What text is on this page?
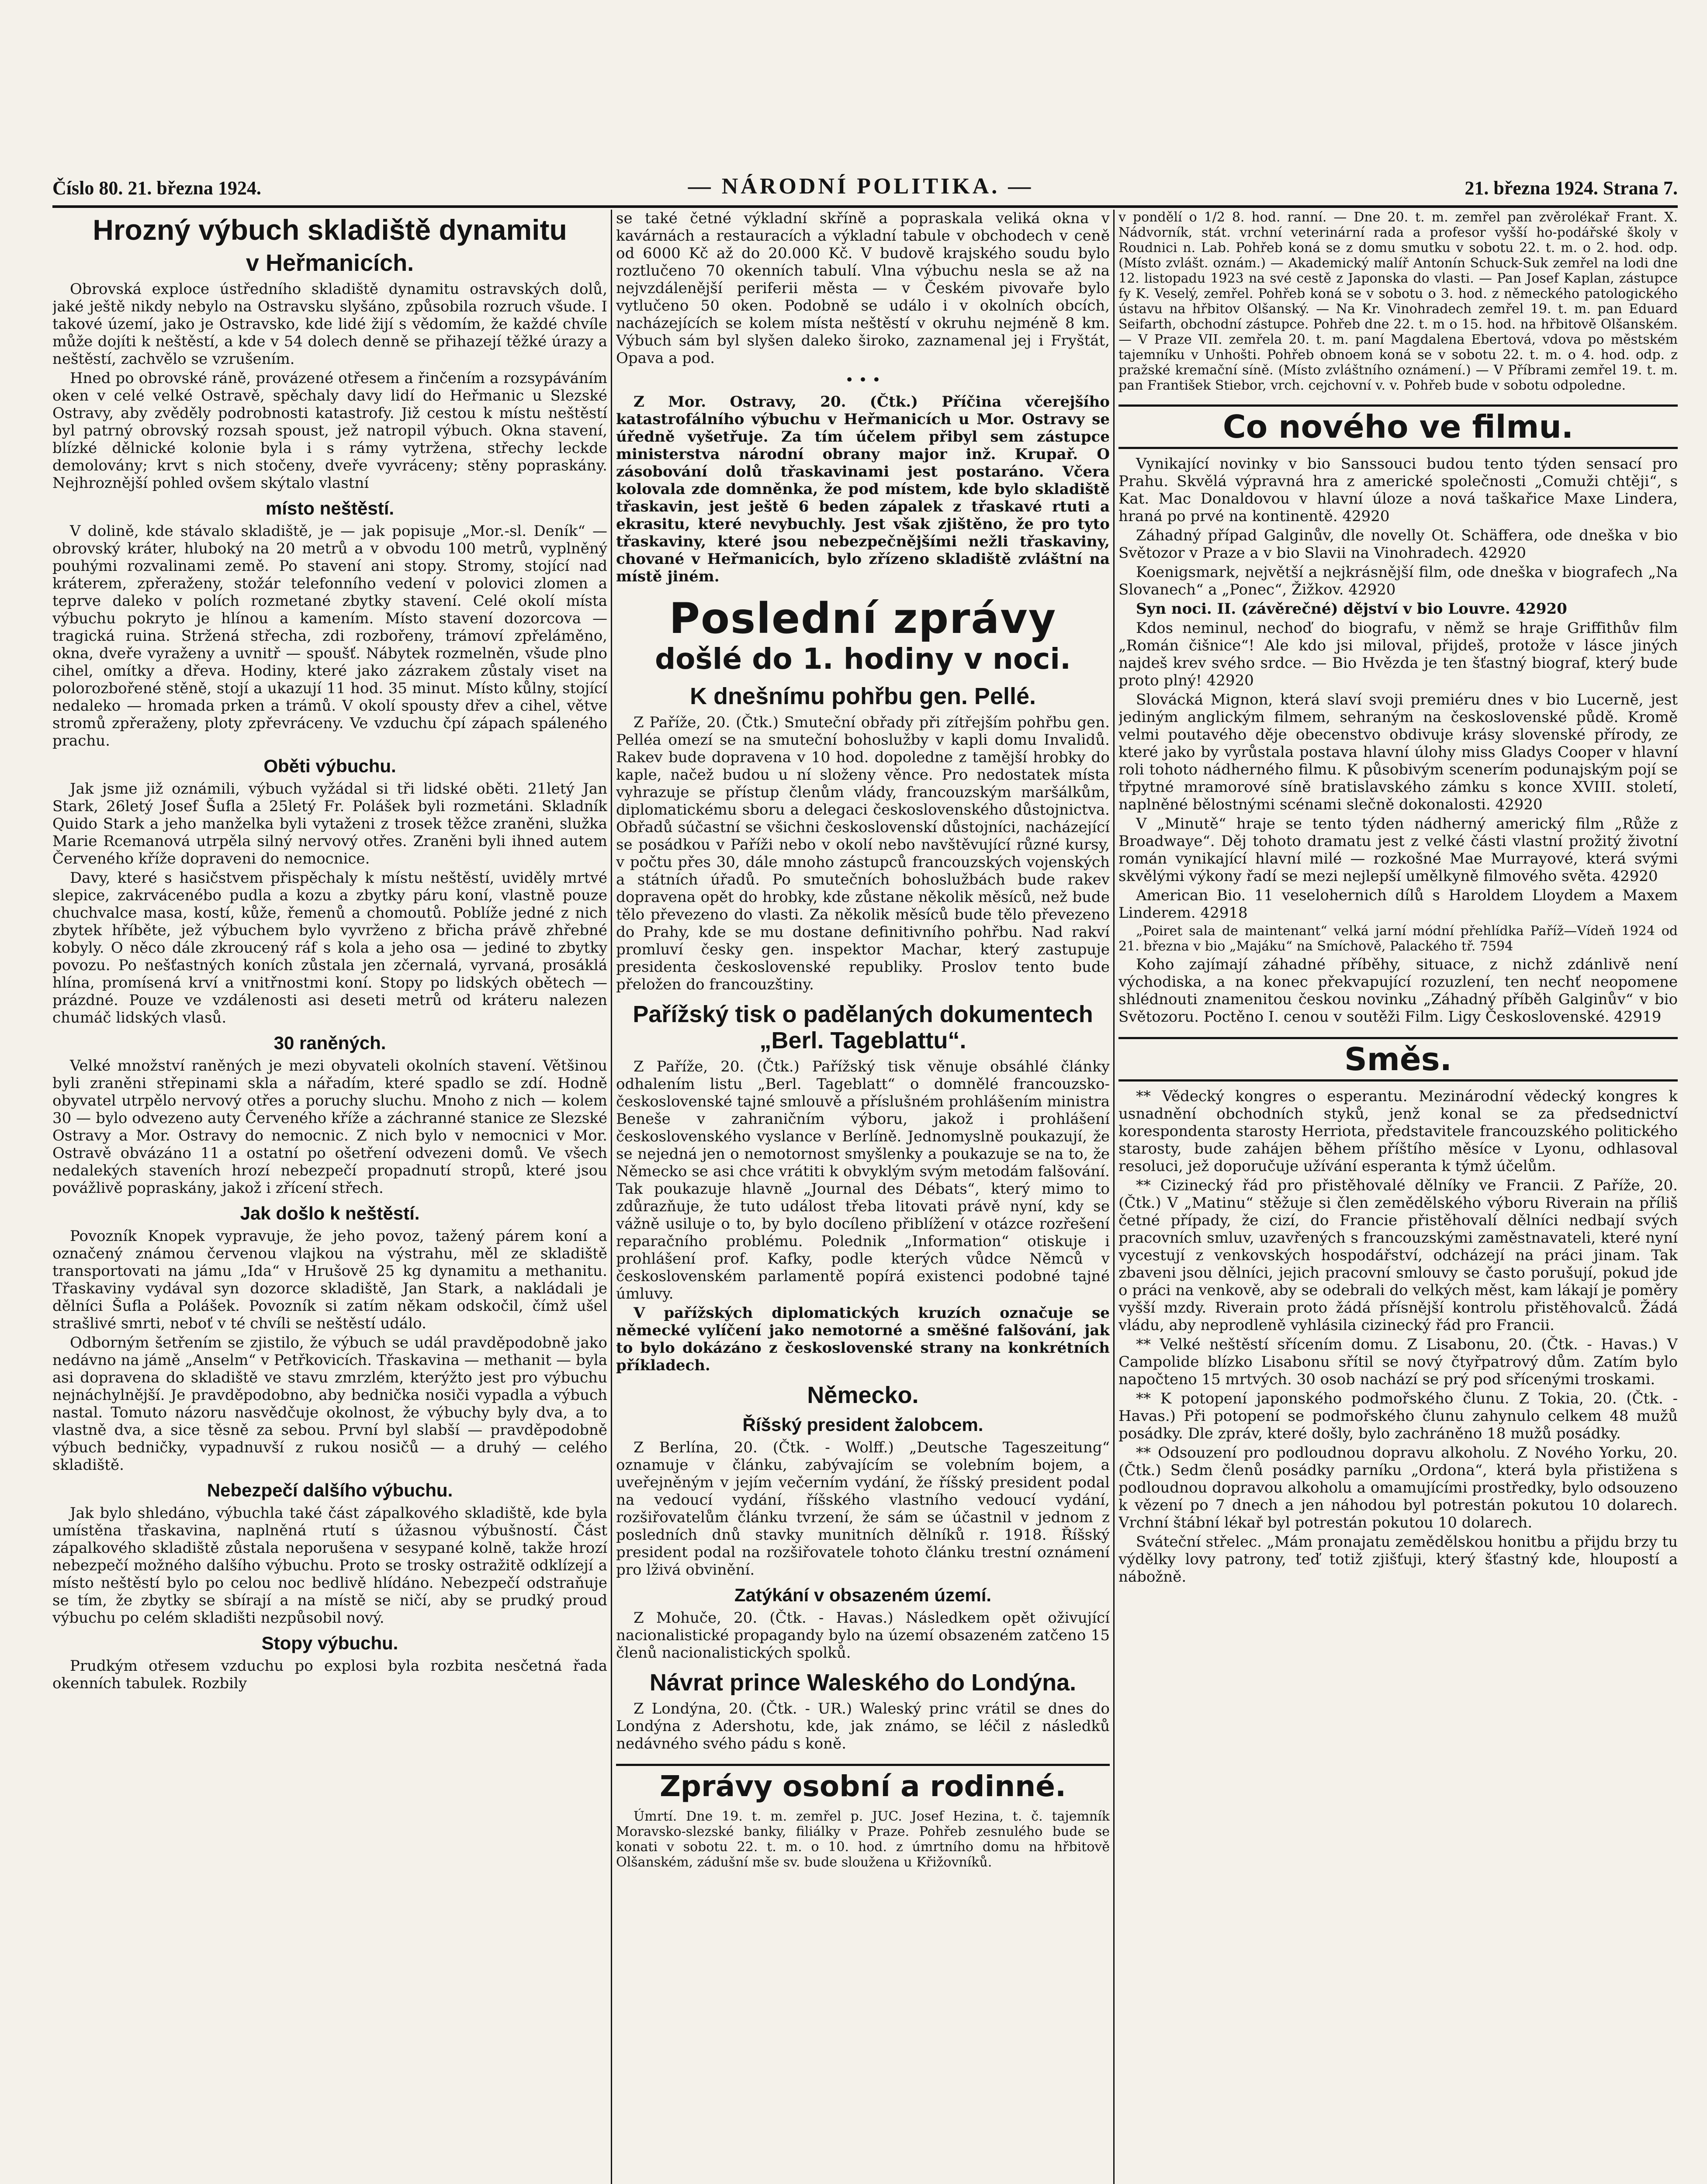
Číslo 80. 21. března 1924.	— NÁRODNÍ POLITIKA. —	21. března 1924. Strana 7.
Hrozný výbuch skladiště dynamitu
v Heřmanicích.

Obrovská exploce ústředního skladiště dynamitu ostravských dolů, jaké ještě nikdy nebylo na Ostravsku slyšáno, způsobila rozruch všude. I takové území, jako je Ostravsko, kde lidé žijí s vědomím, že každé chvíle může dojíti k neštěstí, a kde v 54 dolech denně se přihazejí těžké úrazy a neštěstí, zachvělo se vzrušením.

Hned po obrovské ráně, provázené otřesem a řinčením a rozsypáváním oken v celé velké Ostravě, spěchaly davy lidí do Heřmanic u Slezské Ostravy, aby zvěděly podrobnosti katastrofy. Již cestou k místu neštěstí byl patrný obrovský rozsah spoust, jež natropil výbuch. Okna stavení, blízké dělnické kolonie byla i s rámy vytržena, střechy leckde demolovány; krvt s nich stočeny, dveře vyvráceny; stěny popraskány. Nejhroznější pohled ovšem skýtalo vlastní

místo neštěstí.

V dolině, kde stávalo skladiště, je — jak popisuje „Mor.-sl. Deník“ — obrovský kráter, hluboký na 20 metrů a v obvodu 100 metrů, vyplněný pouhými rozvalinami země. Po stavení ani stopy. Stromy, stojící nad kráterem, zpřeraženy, stožár telefonního vedení v polovici zlomen a teprve daleko v polích rozmetané zbytky stavení. Celé okolí místa výbuchu pokryto je hlínou a kamením. Místo stavení dozorcova — tragická ruina. Stržená střecha, zdi rozbořeny, trámoví zpřeláměno, okna, dveře vyraženy a uvnitř — spoušť. Nábytek rozmelněn, všude plno cihel, omítky a dřeva. Hodiny, které jako zázrakem zůstaly viset na polorozbořené stěně, stojí a ukazují 11 hod. 35 minut. Místo kůlny, stojící nedaleko — hromada prken a trámů. V okolí spousty dřev a cihel, větve stromů zpřeraženy, ploty zpřevráceny. Ve vzduchu čpí zápach spáleného prachu.

Oběti výbuchu.

Jak jsme již oznámili, výbuch vyžádal si tři lidské oběti. 21letý Jan Stark, 26letý Josef Šufla a 25letý Fr. Polášek byli rozmetáni. Skladník Quido Stark a jeho manželka byli vytaženi z trosek těžce zraněni, služka Marie Rcemanová utrpěla silný nervový otřes. Zraněni byli ihned autem Červeného kříže dopraveni do nemocnice.

Davy, které s hasičstvem přispěchaly k místu neštěstí, uviděly mrtvé slepice, zakrvácenébo pudla a kozu a zbytky páru koní, vlastně pouze chuchvalce masa, kostí, kůže, řemenů a chomoutů. Poblíže jedné z nich zbytek hříběte, jež výbuchem bylo vyvrženo z břicha právě zhřebné kobyly. O něco dále zkroucený ráf s kola a jeho osa — jediné to zbytky povozu. Po nešťastných koních zůstala jen zčernalá, vyrvaná, prosáklá hlína, promísená krví a vnitřnostmi koní. Stopy po lidských obětech — prázdné. Pouze ve vzdálenosti asi deseti metrů od kráteru nalezen chumáč lidských vlasů.

30 raněných.

Velké množství raněných je mezi obyvateli okolních stavení. Většinou byli zraněni střepinami skla a nářadím, které spadlo se zdí. Hodně obyvatel utrpělo nervový otřes a poruchy sluchu. Mnoho z nich — kolem 30 — bylo odvezeno auty Červeného kříže a záchranné stanice ze Slezské Ostravy a Mor. Ostravy do nemocnic. Z nich bylo v nemocnici v Mor. Ostravě obvázáno 11 a ostatní po ošetření odvezeni domů. Ve všech nedalekých staveních hrozí nebezpečí propadnutí stropů, které jsou povážlivě popraskány, jakož i zřícení střech.

Jak došlo k neštěstí.

Povozník Knopek vypravuje, že jeho povoz, tažený párem koní a označený známou červenou vlajkou na výstrahu, měl ze skladiště transportovati na jámu „Ida“ v Hrušově 25 kg dynamitu a methanitu. Třaskaviny vydával syn dozorce skladiště, Jan Stark, a nakládali je dělníci Šufla a Polášek. Povozník si zatím někam odskočil, čímž ušel strašlivé smrti, neboť v té chvíli se neštěstí událo.

Odborným šetřením se zjistilo, že výbuch se udál pravděpodobně jako nedávno na jámě „Anselm“ v Petřkovicích. Třaskavina — methanit — byla asi dopravena do skladiště ve stavu zmrzlém, kterýžto jest pro výbuchu nejnáchylnější. Je pravděpodobno, aby bednička nosiči vypadla a výbuch nastal. Tomuto názoru nasvědčuje okolnost, že výbuchy byly dva, a to vlastně dva, a sice těsně za sebou. První byl slabší — pravděpodobně výbuch bedničky, vypadnuvší z rukou nosičů — a druhý — celého skladiště.

Nebezpečí dalšího výbuchu.

Jak bylo shledáno, výbuchla také část zápalkového skladiště, kde byla umístěna třaskavina, naplněná rtutí s úžasnou výbušností. Část zápalkového skladiště zůstala neporušena v sesypané kolně, takže hrozí nebezpečí možného dalšího výbuchu. Proto se trosky ostražitě odklízejí a místo neštěstí bylo po celou noc bedlivě hlídáno. Nebezpečí odstraňuje se tím, že zbytky se sbírají a na místě se ničí, aby se prudký proud výbuchu po celém skladišti nezpůsobil nový.

Stopy výbuchu.

Prudkým otřesem vzduchu po explosi byla rozbita nesčetná řada okenních tabulek. Rozbily

se také četné výkladní skříně a popraskala veliká okna v kavárnách a restauracích a výkladní tabule v obchodech v ceně od 6000 Kč až do 20.000 Kč. V budově krajského soudu bylo roztlučeno 70 okenních tabulí. Vlna výbuchu nesla se až na nejvzdálenější periferii města — v Českém pivovaře bylo vytlučeno 50 oken. Podobně se událo i v okolních obcích, nacházejících se kolem místa neštěstí v okruhu nejméně 8 km. Výbuch sám byl slyšen daleko široko, zaznamenal jej i Fryštát, Opava a pod.

• • •

Z Mor. Ostravy, 20. (Čtk.) Příčina včerejšího katastrofálního výbuchu v Heřmanicích u Mor. Ostravy se úředně vyšetřuje. Za tím účelem přibyl sem zástupce ministerstva národní obrany major inž. Krupař. O zásobování dolů třaskavinami jest postaráno. Včera kolovala zde domněnka, že pod místem, kde bylo skladiště třaskavin, jest ještě 6 beden zápalek z třaskavé rtuti a ekrasitu, které nevybuchly. Jest však zjištěno, že pro tyto třaskaviny, které jsou nebezpečnějšími nežli třaskaviny, chované v Heřmanicích, bylo zřízeno skladiště zvláštní na místě jiném.

Poslední zprávy
došlé do 1. hodiny v noci.
K dnešnímu pohřbu gen. Pellé.

Z Paříže, 20. (Čtk.) Smuteční obřady při zítřejším pohřbu gen. Pelléa omezí se na smuteční bohoslužby v kapli domu Invalidů. Rakev bude dopravena v 10 hod. dopoledne z tamější hrobky do kaple, načež budou u ní složeny věnce. Pro nedostatek místa vyhrazuje se přístup členům vlády, francouzským maršálkům, diplomatickému sboru a delegaci československého důstojnictva. Obřadů súčastní se všichni československí důstojníci, nacházející se posádkou v Paříži nebo v okolí nebo navštěvující různé kursy, v počtu přes 30, dále mnoho zástupců francouzských vojenských a státních úřadů. Po smutečních bohoslužbách bude rakev dopravena opět do hrobky, kde zůstane několik měsíců, než bude tělo převezeno do vlasti. Za několik měsíců bude tělo převezeno do Prahy, kde se mu dostane definitivního pohřbu. Nad rakví promluví česky gen. inspektor Machar, který zastupuje presidenta československé republiky. Proslov tento bude přeložen do francouzštiny.

Pařížský tisk o padělaných dokumentech „Berl. Tageblattu“.

Z Paříže, 20. (Čtk.) Pařížský tisk věnuje obsáhlé články odhalením listu „Berl. Tageblatt“ o domnělé francouzsko-československé tajné smlouvě a příslušném prohlášením ministra Beneše v zahraničním výboru, jakož i prohlášení československého vyslance v Berlíně. Jednomyslně poukazují, že se nejedná jen o nemotornost smyšlenky a poukazuje se na to, že Německo se asi chce vrátiti k obvyklým svým metodám falšování. Tak poukazuje hlavně „Journal des Débats“, který mimo to zdůrazňuje, že tuto událost třeba litovati právě nyní, kdy se vážně usiluje o to, by bylo docíleno přiblížení v otázce rozřešení reparačního problému. Polednik „Information“ otiskuje i prohlášení prof. Kafky, podle kterých vůdce Němců v československém parlamentě popírá existenci podobné tajné úmluvy.

V pařížských diplomatických kruzích označuje se německé vylíčení jako nemotorné a směšné falšování, jak to bylo dokázáno z československé strany na konkrétních příkladech.

Německo.
Říšský president žalobcem.

Z Berlína, 20. (Čtk. - Wolff.) „Deutsche Tageszeitung“ oznamuje v článku, zabývajícím se volebním bojem, a uveřejněným v jejím večerním vydání, že říšský president podal na vedoucí vydání, říšského vlastního vedoucí vydání, rozšiřovatelům článku tvrzení, že sám se účastnil v jednom z posledních dnů stavky munitních dělníků r. 1918. Říšský president podal na rozšiřovatele tohoto článku trestní oznámení pro lživá obvinění.

Zatýkání v obsazeném území.

Z Mohuče, 20. (Čtk. - Havas.) Následkem opět oživující nacionalistické propagandy bylo na území obsazeném zatčeno 15 členů nacionalistických spolků.

Návrat prince Waleského do Londýna.

Z Londýna, 20. (Čtk. - UR.) Waleský princ vrátil se dnes do Londýna z Adershotu, kde, jak známo, se léčil z následků nedávného svého pádu s koně.

Zprávy osobní a rodinné.

Úmrtí. Dne 19. t. m. zemřel p. JUC. Josef Hezina, t. č. tajemník Moravsko-slezské banky, filiálky v Praze. Pohřeb zesnulého bude se konati v sobotu 22. t. m. o 10. hod. z úmrtního domu na hřbitově Olšanském, zádušní mše sv. bude sloužena u Křižovníků.

v pondělí o 1/2 8. hod. ranní. — Dne 20. t. m. zemřel pan zvěrolékař Frant. X. Nádvorník, stát. vrchní veterinární rada a profesor vyšší ho-podářské školy v Roudnici n. Lab. Pohřeb koná se z domu smutku v sobotu 22. t. m. o 2. hod. odp. (Místo zvlášt. oznám.) — Akademický malíř Antonín Schuck-Suk zemřel na lodi dne 12. listopadu 1923 na své cestě z Japonska do vlasti. — Pan Josef Kaplan, zástupce fy K. Veselý, zemřel. Pohřeb koná se v sobotu o 3. hod. z německého patologického ústavu na hřbitov Olšanský. — Na Kr. Vinohradech zemřel 19. t. m. pan Eduard Seifarth, obchodní zástupce. Pohřeb dne 22. t. m o 15. hod. na hřbitově Olšanském. — V Praze VII. zemřela 20. t. m. paní Magdalena Ebertová, vdova po městském tajemníku v Unhošti. Pohřeb obnoem koná se v sobotu 22. t. m. o 4. hod. odp. z pražské kremační síně. (Místo zvláštního oznámení.) — V Příbrami zemřel 19. t. m. pan František Stiebor, vrch. cejchovní v. v. Pohřeb bude v sobotu odpoledne.

Co nového ve filmu.

Vynikající novinky v bio Sanssouci budou tento týden sensací pro Prahu. Skvělá výpravná hra z americké společnosti „Comuži chtěji“, s Kat. Mac Donaldovou v hlavní úloze a nová taškařice Maxe Lindera, hraná po prvé na kontinentě. 42920

Záhadný případ Galginův, dle novelly Ot. Schäffera, ode dneška v bio Světozor v Praze a v bio Slavii na Vinohradech. 42920

Koenigsmark, největší a nejkrásnější film, ode dneška v biografech „Na Slovanech“ a „Ponec“, Žižkov. 42920

Syn noci. II. (závěrečné) dějství v bio Louvre. 42920

Kdos neminul, nechoď do biografu, v němž se hraje Griffithův film „Román čišnice“! Ale kdo jsi miloval, přijdeš, protože v lásce jiných najdeš krev svého srdce. — Bio Hvězda je ten šťastný biograf, který bude proto plný! 42920

Slovácká Mignon, která slaví svoji premiéru dnes v bio Lucerně, jest jediným anglickým filmem, sehraným na československé půdě. Kromě velmi poutavého děje obecenstvo obdivuje krásy slovenské přírody, ze které jako by vyrůstala postava hlavní úlohy miss Gladys Cooper v hlavní roli tohoto nádherného filmu. K působivým scenerím podunajským pojí se třpytné mramorové síně bratislavského zámku s konce XVIII. století, naplněné bělostnými scénami slečně dokonalosti. 42920

V „Minutě“ hraje se tento týden nádherný americký film „Růže z Broadwaye“. Děj tohoto dramatu jest z velké části vlastní prožitý životní román vynikající hlavní milé — rozkošné Mae Murrayové, která svými skvělými výkony řadí se mezi nejlepší umělkyně filmového světa. 42920

American Bio. 11 veselohernich dílů s Haroldem Lloydem a Maxem Linderem. 42918

„Poiret sala de maintenant“ velká jarní módní přehlídka Paříž—Vídeň 1924 od 21. března v bio „Majáku“ na Smíchově, Palackého tř. 7594

Koho zajímají záhadné příběhy, situace, z nichž zdánlivě není východiska, a na konec překvapující rozuzlení, ten nechť neopomene shlédnouti znamenitou českou novinku „Záhadný příběh Galginův“ v bio Světozoru. Poctěno I. cenou v soutěži Film. Ligy Československé. 42919

Směs.

** Vědecký kongres o esperantu. Mezinárodní vědecký kongres k usnadnění obchodních styků, jenž konal se za předsednictví korespondenta starosty Herriota, představitele francouzského politického starosty, bude zahájen během příštího měsíce v Lyonu, odhlasoval resoluci, jež doporučuje užívání esperanta k týmž účelům.

** Cizinecký řád pro přistěhovalé dělníky ve Francii. Z Paříže, 20. (Čtk.) V „Matinu“ stěžuje si člen zemědělského výboru Riverain na příliš četné případy, že cizí, do Francie přistěhovalí dělníci nedbají svých pracovních smluv, uzavřených s francouzskými zaměstnavateli, které nyní vycestují z venkovských hospodářství, odcházejí na práci jinam. Tak zbaveni jsou dělníci, jejich pracovní smlouvy se často porušují, pokud jde o práci na venkově, aby se odebrali do velkých měst, kam lákají je poměry vyšší mzdy. Riverain proto žádá přísnější kontrolu přistěhovalců. Žádá vládu, aby neprodleně vyhlásila cizinecký řád pro Francii.

** Velké neštěstí sřícením domu. Z Lisabonu, 20. (Čtk. - Havas.) V Campolide blízko Lisabonu sřítil se nový čtyřpatrový dům. Zatím bylo napočteno 15 mrtvých. 30 osob nachází se prý pod sřícenými troskami.

** K potopení japonského podmořského člunu. Z Tokia, 20. (Čtk. - Havas.) Při potopení se podmořského člunu zahynulo celkem 48 mužů posádky. Dle zpráv, které došly, bylo zachráněno 18 mužů posádky.

** Odsouzení pro podloudnou dopravu alkoholu. Z Nového Yorku, 20. (Čtk.) Sedm členů posádky parníku „Ordona“, která byla přistižena s podloudnou dopravou alkoholu a omamujícími prostředky, bylo odsouzeno k vězení po 7 dnech a jen náhodou byl potrestán pokutou 10 dolarech. Vrchní štábní lékař byl potrestán pokutou 10 dolarech.

Sváteční střelec. „Mám pronajatu zemědělskou honitbu a přijdu brzy tu výdělky lovy patrony, teď totiž zjišťuji, který šťastný kde, hloupostí a nábožně.
